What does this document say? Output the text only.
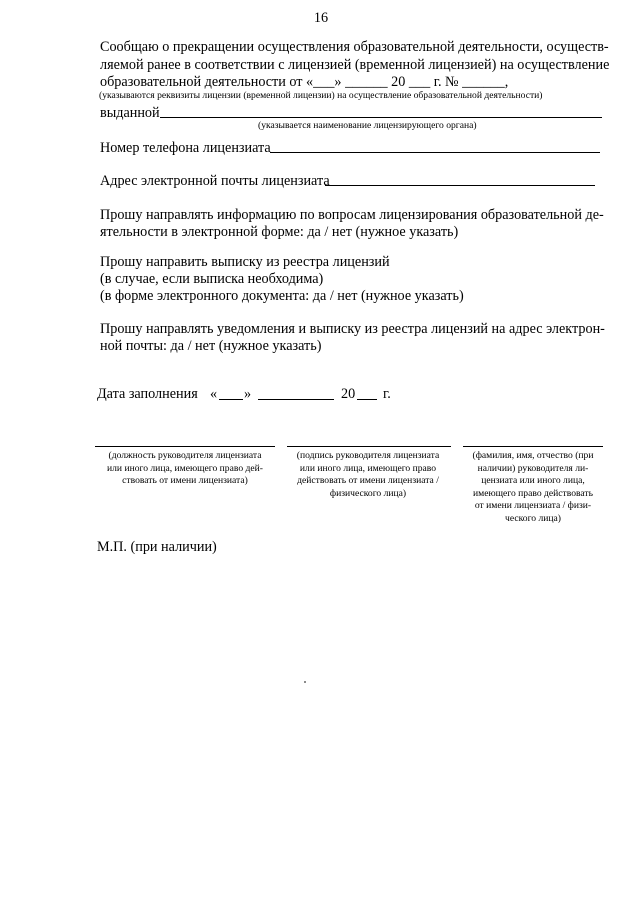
16
Сообщаю о прекращении осуществления образовательной деятельности, осуществ-
ляемой ранее в соответствии с лицензией (временной лицензией) на осуществление
образовательной деятельности от «___» ______ 20 ___ г. № ______,
(указываются реквизиты лицензии (временной лицензии) на осуществление образовательной деятельности)
выданной
(указывается наименование лицензирующего органа)
Номер телефона лицензиата
Адрес электронной почты лицензиата
Прошу направлять информацию по вопросам лицензирования образовательной де-
ятельности в электронной форме: да / нет (нужное указать)
Прошу направить выписку из реестра лицензий
(в случае, если выписка необходима)
(в форме электронного документа: да / нет (нужное указать)
Прошу направлять уведомления и выписку из реестра лицензий на адрес электрон-
ной почты: да / нет (нужное указать)
Дата заполнения « »	20 г.
(должность руководителя лицензиата
или иного лица, имеющего право дей-
ствовать от имени лицензиата)
(подпись руководителя лицензиата
или иного лица, имеющего право
действовать от имени лицензиата /
физического лица)
(фамилия, имя, отчество (при
наличии) руководителя ли-
цензиата или иного лица,
имеющего право действовать
от имени лицензиата / физи-
ческого лица)
М.П. (при наличии)
